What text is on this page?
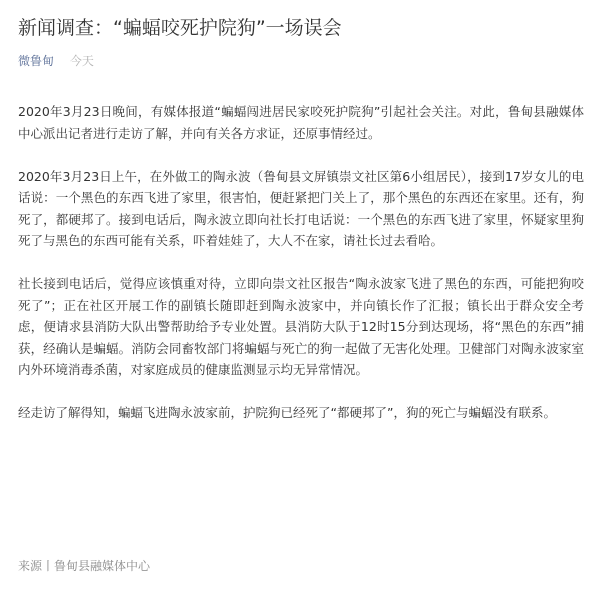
新闻调查：“蝙蝠咬死护院狗”一场误会
微鲁甸 今天

2020年3月23日晚间，有媒体报道“蝙蝠闯进居民家咬死护院狗”引起社会关注。对此，鲁甸县融媒体中心派出记者进行走访了解，并向有关各方求证，还原事情经过。

2020年3月23日上午，在外做工的陶永波（鲁甸县文屏镇崇文社区第6小组居民），接到17岁女儿的电话说：一个黑色的东西飞进了家里，很害怕，便赶紧把门关上了，那个黑色的东西还在家里。还有，狗死了，都硬邦了。接到电话后，陶永波立即向社长打电话说：一个黑色的东西飞进了家里，怀疑家里狗死了与黑色的东西可能有关系，吓着娃娃了，大人不在家，请社长过去看哈。

社长接到电话后，觉得应该慎重对待，立即向崇文社区报告“陶永波家飞进了黑色的东西，可能把狗咬死了”；正在社区开展工作的副镇长随即赶到陶永波家中，并向镇长作了汇报；镇长出于群众安全考虑，便请求县消防大队出警帮助给予专业处置。县消防大队于12时15分到达现场，将“黑色的东西”捕获，经确认是蝙蝠。消防会同畜牧部门将蝙蝠与死亡的狗一起做了无害化处理。卫健部门对陶永波家室内外环境消毒杀菌，对家庭成员的健康监测显示均无异常情况。

经走访了解得知，蝙蝠飞进陶永波家前，护院狗已经死了“都硬邦了”，狗的死亡与蝙蝠没有联系。

来源丨鲁甸县融媒体中心
